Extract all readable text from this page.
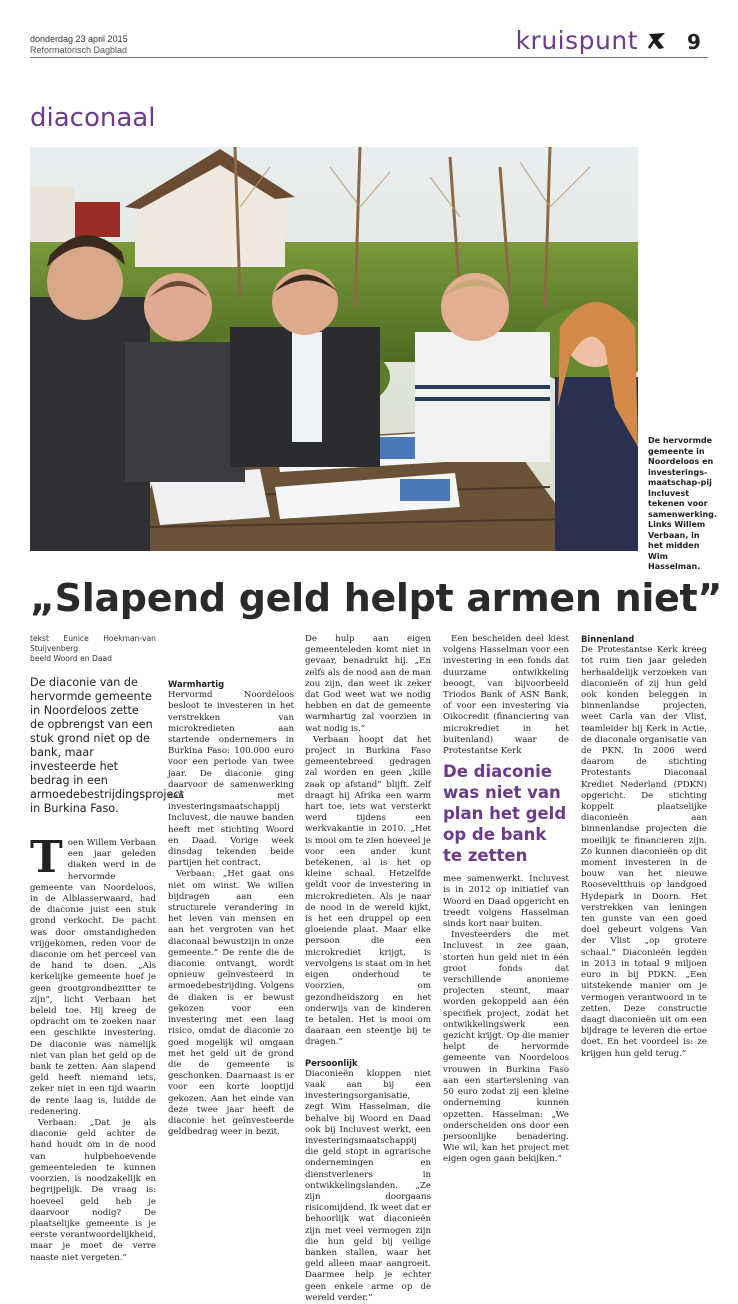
donderdag 23 april 2015
Reformatorisch Dagblad	kruispunt 9
diaconaal
De hervormde gemeente in Noordeloos en investerings-maatschap-pij Incluvest tekenen voor samenwerking. Links Willem Verbaan, in het midden Wim Hasselman.
„Slapend geld helpt armen niet”

tekst Eunice Hoekman-van Stuijvenberg
beeld Woord en Daad

De diaconie van de hervormde gemeente in Noordeloos zette de opbrengst van een stuk grond niet op de bank, maar investeerde het bedrag in een armoedebestrijdingsproject in Burkina Faso.

Toen Willem Verbaan een jaar geleden diaken werd in de hervormde gemeente van Noordeloos, in de Alblasserwaard, had de diaconie juist een stuk grond verkocht. De pacht was door omstandigheden vrijgekomen, reden voor de diaconie om het perceel van de hand te doen. „Als kerkelijke gemeente hoef je geen grootgrondbezitter te zijn”, licht Verbaan het beleid toe. Hij kreeg de opdracht om te zoeken naar een geschikte investering. De diaconie was namelijk niet van plan het geld op de bank te zetten. Aan slapend geld heeft niemand iets, zeker niet in een tijd waarin de rente laag is, luidde de redenering.

Verbaan: „Dat je als diaconie geld achter de hand houdt om in de nood van hulpbehoevende gemeenteleden te kunnen voorzien, is noodzakelijk en begrijpelijk. De vraag is: hoeveel geld heb je daarvoor nodig? De plaatselijke gemeente is je eerste verantwoordelijkheid, maar je moet de verre naaste niet vergeten.”

Warmhartig

Hervormd Noordeloos besloot te investeren in het verstrekken van microkredieten aan startende ondernemers in Burkina Faso: 100.000 euro voor een periode van twee jaar. De diaconie ging daarvoor de samenwerking aan met investeringsmaatschappij Incluvest, die nauwe banden heeft met stichting Woord en Daad. Vorige week dinsdag tekenden beide partijen het contract.

Verbaan: „Het gaat ons niet om winst. We willen bijdragen aan een structurele verandering in het leven van mensen en aan het vergroten van het diaconaal bewustzijn in onze gemeente.” De rente die de diaconie ontvangt, wordt opnieuw geïnvesteerd in armoedebestrijding. Volgens de diaken is er bewust gekozen voor een investering met een laag risico, omdat de diaconie zo goed mogelijk wil omgaan met het geld uit de grond die de gemeente is geschonken. Daarnaast is er voor een korte looptijd gekozen. Aan het einde van deze twee jaar heeft de diaconie het geïnvesteerde geldbedrag weer in bezit.

De hulp aan eigen gemeenteleden komt niet in gevaar, benadrukt hij. „En zelfs als de nood aan de man zou zijn, dan weet ik zeker dat God weet wat we nodig hebben en dat de gemeente warmhartig zal voorzien in wat nodig is.”

Verbaan hoopt dat het project in Burkina Faso gemeentebreed gedragen zal worden en geen „kille zaak op afstand” blijft. Zelf draagt hij Afrika een warm hart toe, iets wat versterkt werd tijdens een werkvakantie in 2010. „Het is mooi om te zien hoeveel je voor een ander kunt betekenen, al is het op kleine schaal. Hetzelfde geldt voor de investering in microkredieten. Als je naar de nood in de wereld kijkt, is het een druppel op een gloeiende plaat. Maar elke persoon die een microkrediet krijgt, is vervolgens is staat om in het eigen onderhoud te voorzien, om gezondheidszorg en het onderwijs van de kinderen te betalen. Het is mooi om daaraan een steentje bij te dragen.”

Persoonlijk

Diaconieën kloppen niet vaak aan bij een investeringsorganisatie, zegt Wim Hasselman, die behalve bij Woord en Daad ook bij Incluvest werkt, een investeringsmaatschappij die geld stopt in agrarische ondernemingen en dienstverleners in ontwikkelingslanden. „Ze zijn doorgaans risicomijdend. Ik weet dat er behoorlijk wat diaconieën zijn met veel vermogen zijn die hun geld bij veilige banken stallen, waar het geld alleen maar aangroeit. Daarmee help je echter geen enkele arme op de wereld verder.”

Een bescheiden deel kiest volgens Hasselman voor een investering in een fonds dat duurzame ontwikkeling beoogt, van bijvoorbeeld Triodos Bank of ASN Bank, of voor een investering via Oikocredit (financiering van microkrediet in het buitenland) waar de Protestantse Kerk

De diaconie was niet van plan het geld op de bank te zetten

mee samenwerkt. Incluvest is in 2012 op initiatief van Woord en Daad opgericht en treedt volgens Hasselman sinds kort naar buiten.

Investeerders die met Incluvest in zee gaan, storten hun geld niet in één groot fonds dat verschillende anonieme projecten steunt, maar worden gekoppeld aan één specifiek project, zodat het ontwikkelingswerk een gezicht krijgt. Op die manier helpt de hervormde gemeente van Noordeloos vrouwen in Burkina Faso aan een starterslening van 50 euro zodat zij een kleine onderneming kunnen opzetten. Hasselman: „We onderscheiden ons door een persoonlijke benadering. Wie wil, kan het project met eigen ogen gaan bekijken.”

Binnenland

De Protestantse Kerk kreeg tot ruim tien jaar geleden herhaaldelijk verzoeken van diaconieën of zij hun geld ook konden beleggen in binnenlandse projecten, weet Carla van der Vlist, teamleider bij Kerk in Actie, de diaconale organisatie van de PKN. In 2006 werd daarom de stichting Protestants Diaconaal Krediet Nederland (PDKN) opgericht. De stichting koppelt plaatselijke diaconieën aan binnenlandse projecten die moeilijk te financieren zijn. Zo kunnen diaconieën op dit moment investeren in de bouw van het nieuwe Rooseveltthuis op landgoed Hydepark in Doorn. Het verstrekken van leningen ten gunste van een goed doel gebeurt volgens Van der Vlist „op grotere schaal.” Diaconieën legden in 2013 in totaal 9 miljoen euro in bij PDKN. „Een uitstekende manier om je vermogen verantwoord in te zetten. Deze constructie daagt diaconieën uit om een bijdrage te leveren die ertoe doet. En het voordeel is: ze krijgen hun geld terug.”
